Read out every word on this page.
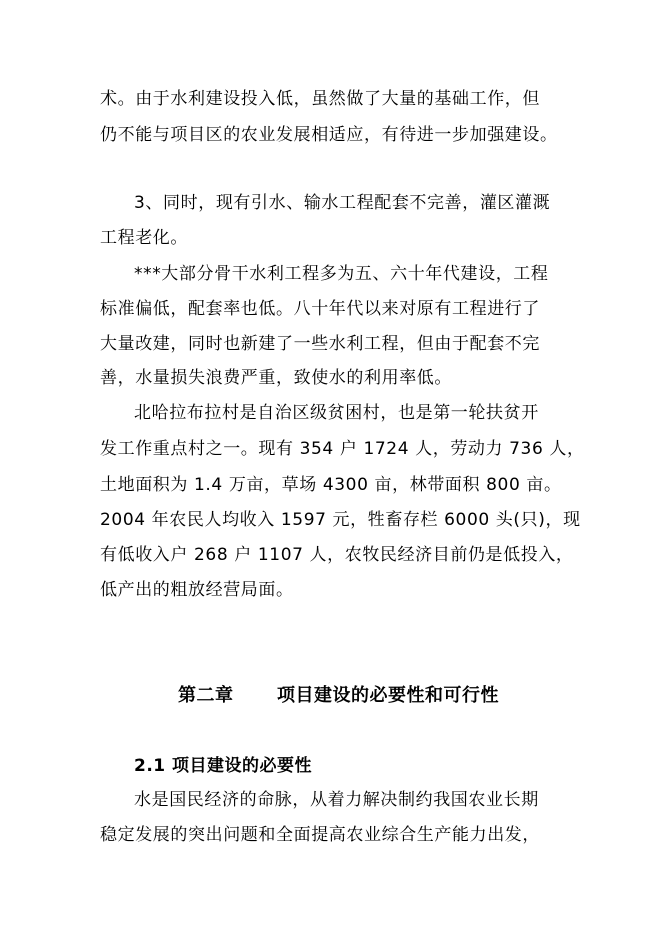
术。由于水利建设投入低，虽然做了大量的基础工作，但
仍不能与项目区的农业发展相适应，有待进一步加强建设。
3、同时，现有引水、输水工程配套不完善，灌区灌溉
工程老化。
***大部分骨干水利工程多为五、六十年代建设，工程
标准偏低，配套率也低。八十年代以来对原有工程进行了
大量改建，同时也新建了一些水利工程，但由于配套不完
善，水量损失浪费严重，致使水的利用率低。
北哈拉布拉村是自治区级贫困村，也是第一轮扶贫开
发工作重点村之一。现有 354 户 1724 人，劳动力 736 人，
土地面积为 1.4 万亩，草场 4300 亩，林带面积 800 亩。
2004 年农民人均收入 1597 元，牲畜存栏 6000 头(只)，现
有低收入户 268 户 1107 人，农牧民经济目前仍是低投入，
低产出的粗放经营局面。
第二章 项目建设的必要性和可行性
2.1 项目建设的必要性
水是国民经济的命脉，从着力解决制约我国农业长期
稳定发展的突出问题和全面提高农业综合生产能力出发，
